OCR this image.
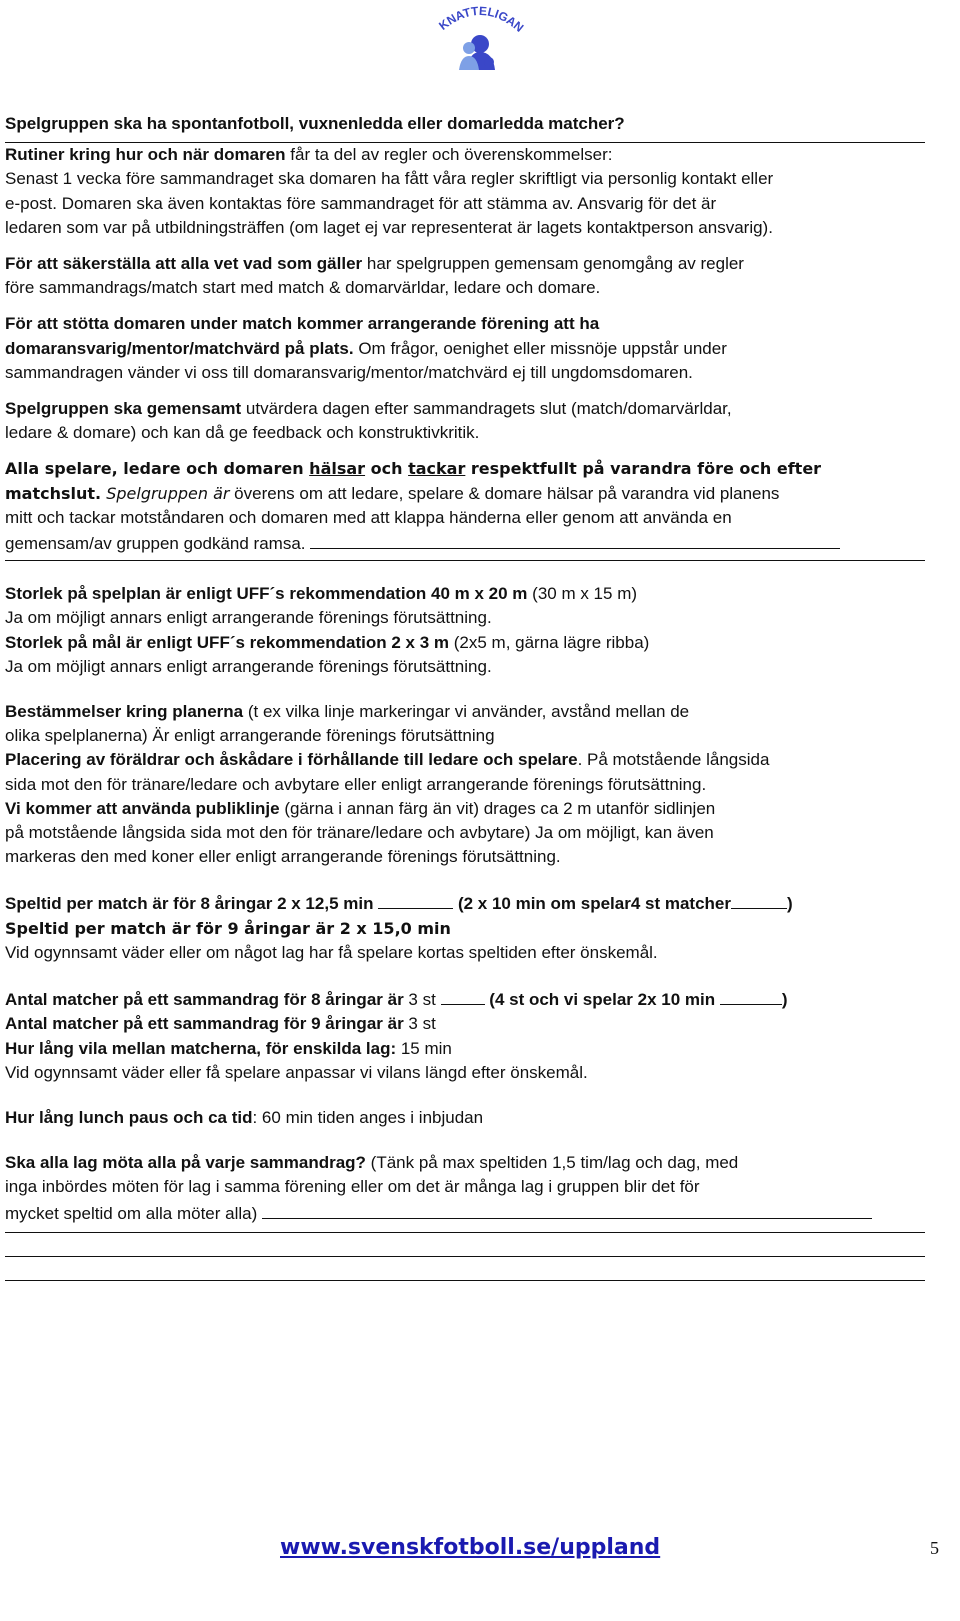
KNATTELIGAN

Spelgruppen ska ha spontanfotboll, vuxnenledda eller domarledda matcher?

Rutiner kring hur och när domaren får ta del av regler och överenskommelser:
Senast 1 vecka före sammandraget ska domaren ha fått våra regler skriftligt via personlig kontakt eller
e-post. Domaren ska även kontaktas före sammandraget för att stämma av. Ansvarig för det är
ledaren som var på utbildningsträffen (om laget ej var representerat är lagets kontaktperson ansvarig).
För att säkerställa att alla vet vad som gäller har spelgruppen gemensam genomgång av regler
före sammandrags/match start med match & domarvärldar, ledare och domare.
För att stötta domaren under match kommer arrangerande förening att ha
domaransvarig/mentor/matchvärd på plats. Om frågor, oenighet eller missnöje uppstår under
sammandragen vänder vi oss till domaransvarig/mentor/matchvärd ej till ungdomsdomaren.
Spelgruppen ska gemensamt utvärdera dagen efter sammandragets slut (match/domarvärldar,
ledare & domare) och kan då ge feedback och konstruktivkritik.
Alla spelare, ledare och domaren hälsar och tackar respektfullt på varandra före och efter
matchslut. Spelgruppen är överens om att ledare, spelare & domare hälsar på varandra vid planens
mitt och tackar motståndaren och domaren med att klappa händerna eller genom att använda en
gemensam/av gruppen godkänd ramsa.
Storlek på spelplan är enligt UFF´s rekommendation 40 m x 20 m (30 m x 15 m)
Ja om möjligt annars enligt arrangerande förenings förutsättning.
Storlek på mål är enligt UFF´s rekommendation 2 x 3 m (2x5 m, gärna lägre ribba)
Ja om möjligt annars enligt arrangerande förenings förutsättning.
Bestämmelser kring planerna (t ex vilka linje markeringar vi använder, avstånd mellan de
olika spelplanerna) Är enligt arrangerande förenings förutsättning
Placering av föräldrar och åskådare i förhållande till ledare och spelare. På motstående långsida
sida mot den för tränare/ledare och avbytare eller enligt arrangerande förenings förutsättning.
Vi kommer att använda publiklinje (gärna i annan färg än vit) drages ca 2 m utanför sidlinjen
på motstående långsida sida mot den för tränare/ledare och avbytare) Ja om möjligt, kan även
markeras den med koner eller enligt arrangerande förenings förutsättning.
Speltid per match är för 8 åringar 2 x 12,5 min	(2 x 10 min om spelar4 st matcher	)
Speltid per match är för 9 åringar är 2 x 15,0 min
Vid ogynnsamt väder eller om något lag har få spelare kortas speltiden efter önskemål.
Antal matcher på ett sammandrag för 8 åringar är 3 st	(4 st och vi spelar 2x 10 min	)
Antal matcher på ett sammandrag för 9 åringar är 3 st
Hur lång vila mellan matcherna, för enskilda lag: 15 min
Vid ogynnsamt väder eller få spelare anpassar vi vilans längd efter önskemål.
Hur lång lunch paus och ca tid: 60 min tiden anges i inbjudan
Ska alla lag möta alla på varje sammandrag? (Tänk på max speltiden 1,5 tim/lag och dag, med
inga inbördes möten för lag i samma förening eller om det är många lag i gruppen blir det för
mycket speltid om alla möter alla)
www.svenskfotboll.se/uppland	5
